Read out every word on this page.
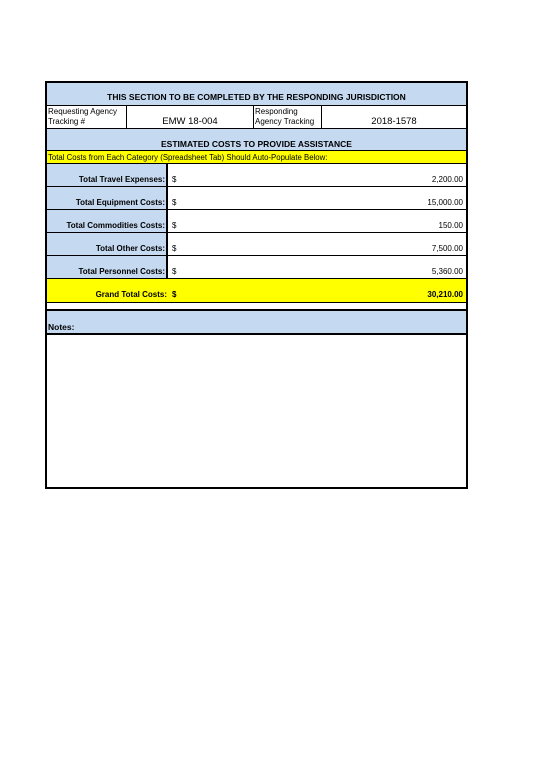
THIS SECTION TO BE COMPLETED BY THE RESPONDING JURISDICTION
Requesting Agency Tracking #	EMW 18-004
Responding Agency Tracking	2018-1578
ESTIMATED COSTS TO PROVIDE ASSISTANCE
Total Costs from Each Category (Spreadsheet Tab) Should Auto-Populate Below:
Total Travel Expenses: $	2,200.00
Total Equipment Costs: $	15,000.00
Total Commodities Costs: $	150.00
Total Other Costs: $	7,500.00
Total Personnel Costs: $	5,360.00
Grand Total Costs: $	30,210.00
Notes:
